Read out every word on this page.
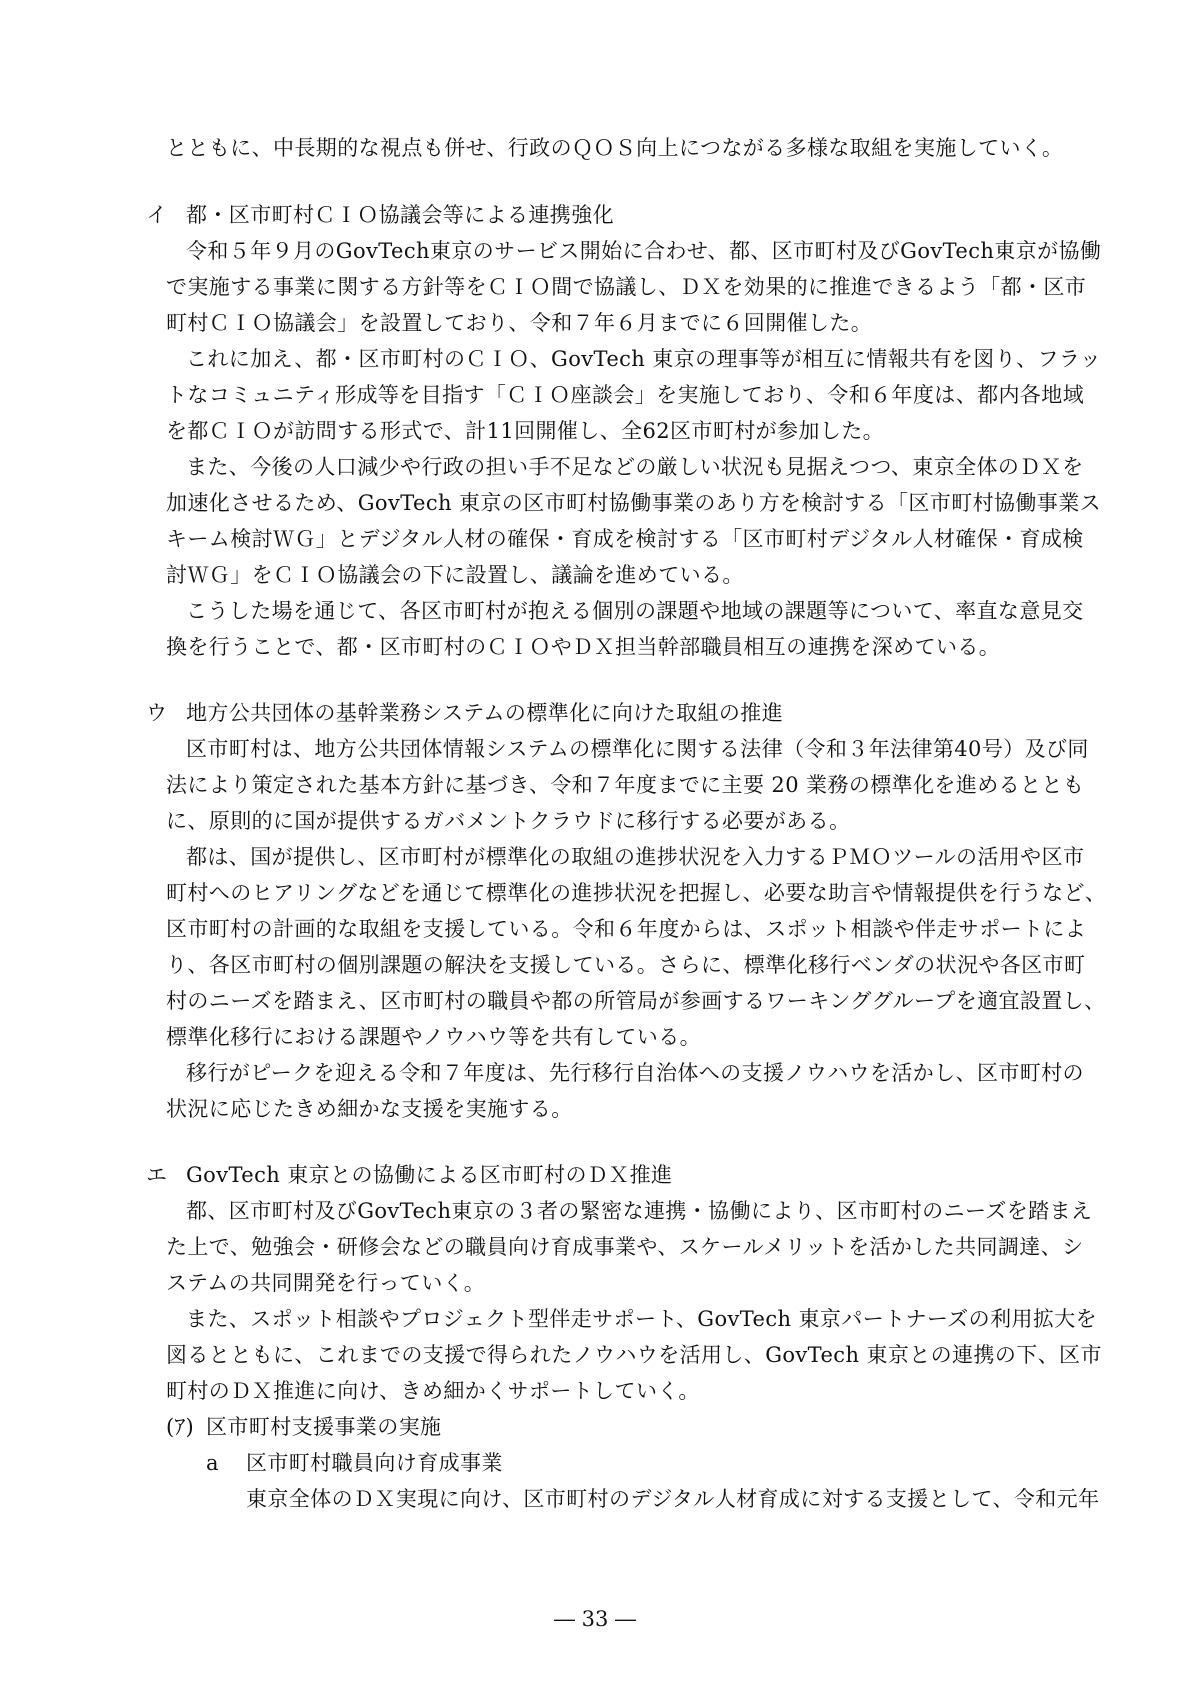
とともに、中長期的な視点も併せ、行政のＱＯＳ向上につながる多様な取組を実施していく。
イ 都・区市町村ＣＩＯ協議会等による連携強化
令和５年９月のGovTech東京のサービス開始に合わせ、都、区市町村及びGovTech東京が協働
で実施する事業に関する方針等をＣＩＯ間で協議し、ＤＸを効果的に推進できるよう「都・区市
町村ＣＩＯ協議会」を設置しており、令和７年６月までに６回開催した。
これに加え、都・区市町村のＣＩＯ、GovTech 東京の理事等が相互に情報共有を図り、フラッ
トなコミュニティ形成等を目指す「ＣＩＯ座談会」を実施しており、令和６年度は、都内各地域
を都ＣＩＯが訪問する形式で、計11回開催し、全62区市町村が参加した。
また、今後の人口減少や行政の担い手不足などの厳しい状況も見据えつつ、東京全体のＤＸを
加速化させるため、GovTech 東京の区市町村協働事業のあり方を検討する「区市町村協働事業ス
キーム検討ＷＧ」とデジタル人材の確保・育成を検討する「区市町村デジタル人材確保・育成検
討ＷＧ」をＣＩＯ協議会の下に設置し、議論を進めている。
こうした場を通じて、各区市町村が抱える個別の課題や地域の課題等について、率直な意見交
換を行うことで、都・区市町村のＣＩＯやＤＸ担当幹部職員相互の連携を深めている。
ウ 地方公共団体の基幹業務システムの標準化に向けた取組の推進
区市町村は、地方公共団体情報システムの標準化に関する法律（令和３年法律第40号）及び同
法により策定された基本方針に基づき、令和７年度までに主要 20 業務の標準化を進めるととも
に、原則的に国が提供するガバメントクラウドに移行する必要がある。
都は、国が提供し、区市町村が標準化の取組の進捗状況を入力するＰＭＯツールの活用や区市
町村へのヒアリングなどを通じて標準化の進捗状況を把握し、必要な助言や情報提供を行うなど、
区市町村の計画的な取組を支援している。令和６年度からは、スポット相談や伴走サポートによ
り、各区市町村の個別課題の解決を支援している。さらに、標準化移行ベンダの状況や各区市町
村のニーズを踏まえ、区市町村の職員や都の所管局が参画するワーキンググループを適宜設置し、
標準化移行における課題やノウハウ等を共有している。
移行がピークを迎える令和７年度は、先行移行自治体への支援ノウハウを活かし、区市町村の
状況に応じたきめ細かな支援を実施する。
エ GovTech 東京との協働による区市町村のＤＸ推進
都、区市町村及びGovTech東京の３者の緊密な連携・協働により、区市町村のニーズを踏まえ
た上で、勉強会・研修会などの職員向け育成事業や、スケールメリットを活かした共同調達、シ
ステムの共同開発を行っていく。
また、スポット相談やプロジェクト型伴走サポート、GovTech 東京パートナーズの利用拡大を
図るとともに、これまでの支援で得られたノウハウを活用し、GovTech 東京との連携の下、区市
町村のＤＸ推進に向け、きめ細かくサポートしていく。
(ｱ) 区市町村支援事業の実施
a 区市町村職員向け育成事業
東京全体のＤＸ実現に向け、区市町村のデジタル人材育成に対する支援として、令和元年
― 33 ―
